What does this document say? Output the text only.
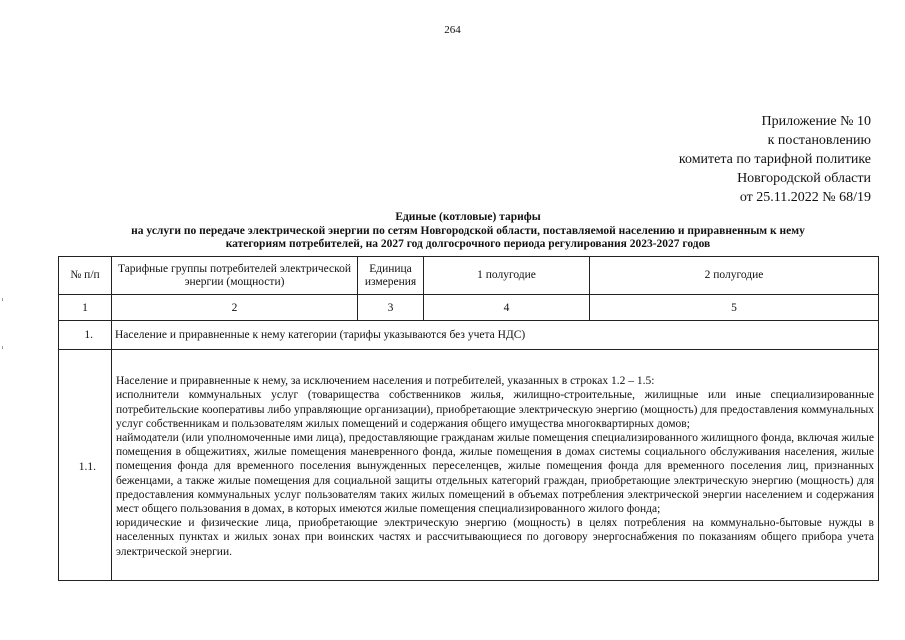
264
Приложение № 10
к постановлению
комитета по тарифной политике
Новгородской области
от 25.11.2022 № 68/19
Единые (котловые) тарифы
на услуги по передаче электрической энергии по сетям Новгородской области, поставляемой населению и приравненным к нему
категориям потребителей, на 2027 год долгосрочного периода регулирования 2023-2027 годов
№ п/п	Тарифные группы потребителей электрической энергии (мощности)	Единица измерения	1 полугодие	2 полугодие
1	2	3	4	5
1.	Население и приравненные к нему категории (тарифы указываются без учета НДС)			
1.1.	Население и приравненные к нему, за исключением населения и потребителей, указанных в строках 1.2 – 1.5:
исполнители коммунальных услуг (товарищества собственников жилья, жилищно-строительные, жилищные или иные специализированные потребительские кооперативы либо управляющие организации), приобретающие электрическую энергию (мощность) для предоставления коммунальных услуг собственникам и пользователям жилых помещений и содержания общего имущества многоквартирных домов;
наймодатели (или уполномоченные ими лица), предоставляющие гражданам жилые помещения специализированного жилищного фонда, включая жилые помещения в общежитиях, жилые помещения маневренного фонда, жилые помещения в домах системы социального обслуживания населения, жилые помещения фонда для временного поселения вынужденных переселенцев, жилые помещения фонда для временного поселения лиц, признанных беженцами, а также жилые помещения для социальной защиты отдельных категорий граждан, приобретающие электрическую энергию (мощность) для предоставления коммунальных услуг пользователям таких жилых помещений в объемах потребления электрической энергии населением и содержания мест общего пользования в домах, в которых имеются жилые помещения специализированного жилого фонда;
юридические и физические лица, приобретающие электрическую энергию (мощность) в целях потребления на коммунально-бытовые нужды в населенных пунктах и жилых зонах при воинских частях и рассчитывающиеся по договору энергоснабжения по показаниям общего прибора учета электрической энергии.			
